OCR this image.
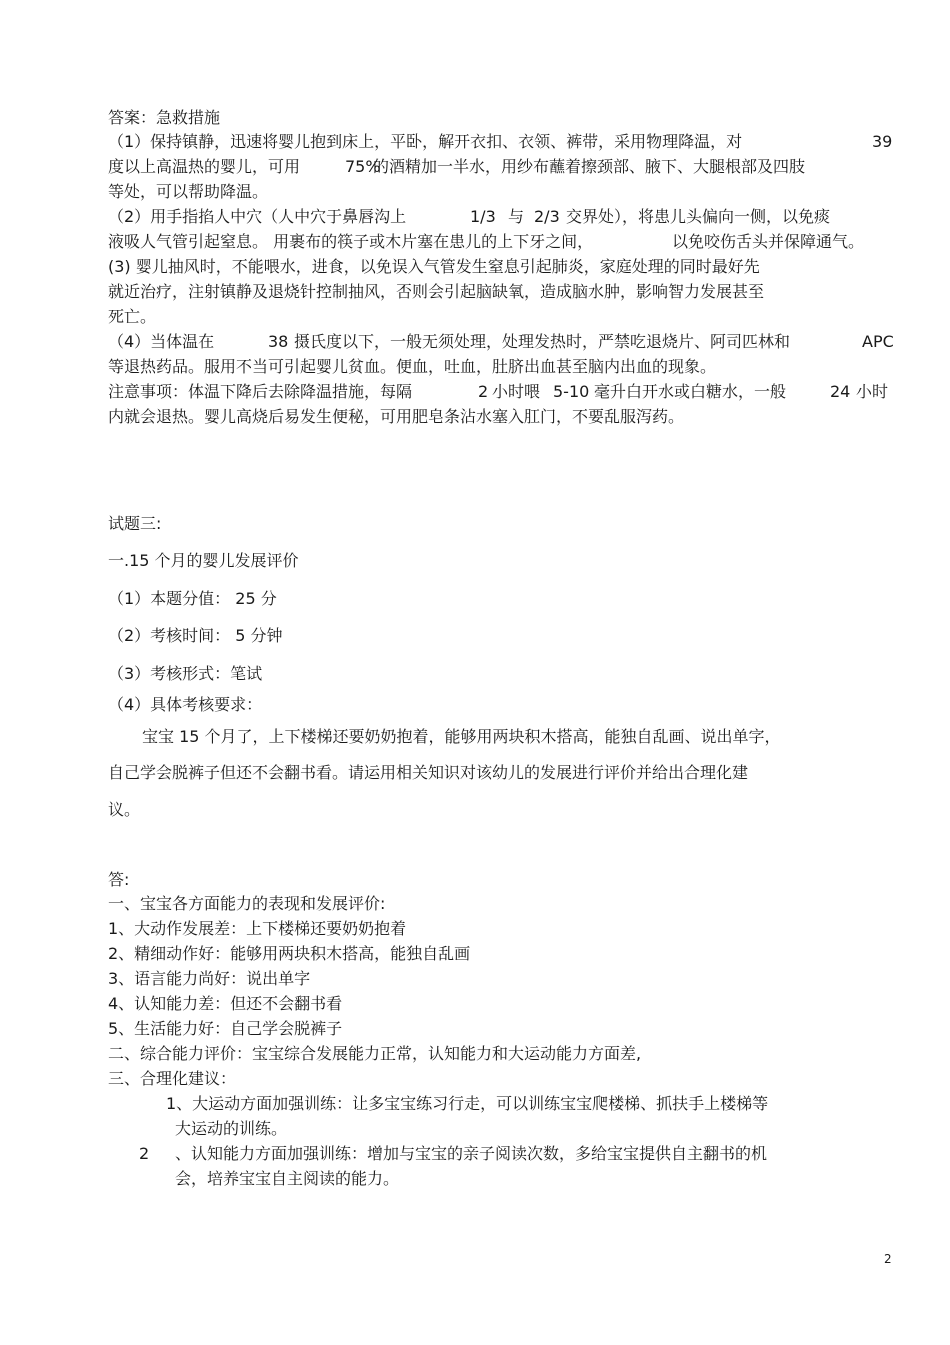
答案：急救措施
（1）保持镇静，迅速将婴儿抱到床上，平卧，解开衣扣、衣领、裤带，采用物理降温，对	39
度以上高温热的婴儿，可用	75%
的酒精加一半水，用纱布蘸着擦颈部、腋下、大腿根部及四肢
等处，可以帮助降温。
（2）用手指掐人中穴（人中穴于鼻唇沟上	1/3 与 2/3 交界处），将患儿头偏向一侧，以免痰
液吸人气管引起窒息。 用裹布的筷子或木片塞在患儿的上下牙之间，	以免咬伤舌头并保障通气。
(3) 婴儿抽风时，不能喂水，进食，以免误入气管发生窒息引起肺炎，家庭处理的同时最好先
就近治疗，注射镇静及退烧针控制抽风，否则会引起脑缺氧，造成脑水肿，影响智力发展甚至
死亡。
（4）当体温在	38 摄氏度以下，一般无须处理，处理发热时，严禁吃退烧片、阿司匹林和	APC
等退热药品。服用不当可引起婴儿贫血。便血，吐血，肚脐出血甚至脑内出血的现象。
注意事项：体温下降后去除降温措施，每隔	2 小时喂 5-10 毫升白开水或白糖水，一般	24 小时
内就会退热。婴儿高烧后易发生便秘，可用肥皂条沾水塞入肛门，不要乱服泻药。
试题三:
一.15 个月的婴儿发展评价
（1）本题分值： 25 分
（2）考核时间： 5 分钟
（3）考核形式：笔试
（4）具体考核要求：
宝宝 15 个月了，上下楼梯还要奶奶抱着，能够用两块积木搭高，能独自乱画、说出单字，
自己学会脱裤子但还不会翻书看。请运用相关知识对该幼儿的发展进行评价并给出合理化建
议。
答:
一、宝宝各方面能力的表现和发展评价:
1、大动作发展差：上下楼梯还要奶奶抱着
2、精细动作好：能够用两块积木搭高，能独自乱画
3、语言能力尚好：说出单字
4、认知能力差：但还不会翻书看
5、生活能力好：自己学会脱裤子
二、综合能力评价：宝宝综合发展能力正常，认知能力和大运动能力方面差,
三、合理化建议：
1、大运动方面加强训练：让多宝宝练习行走，可以训练宝宝爬楼梯、抓扶手上楼梯等
大运动的训练。
2 、认知能力方面加强训练：增加与宝宝的亲子阅读次数，多给宝宝提供自主翻书的机
会，培养宝宝自主阅读的能力。
2
